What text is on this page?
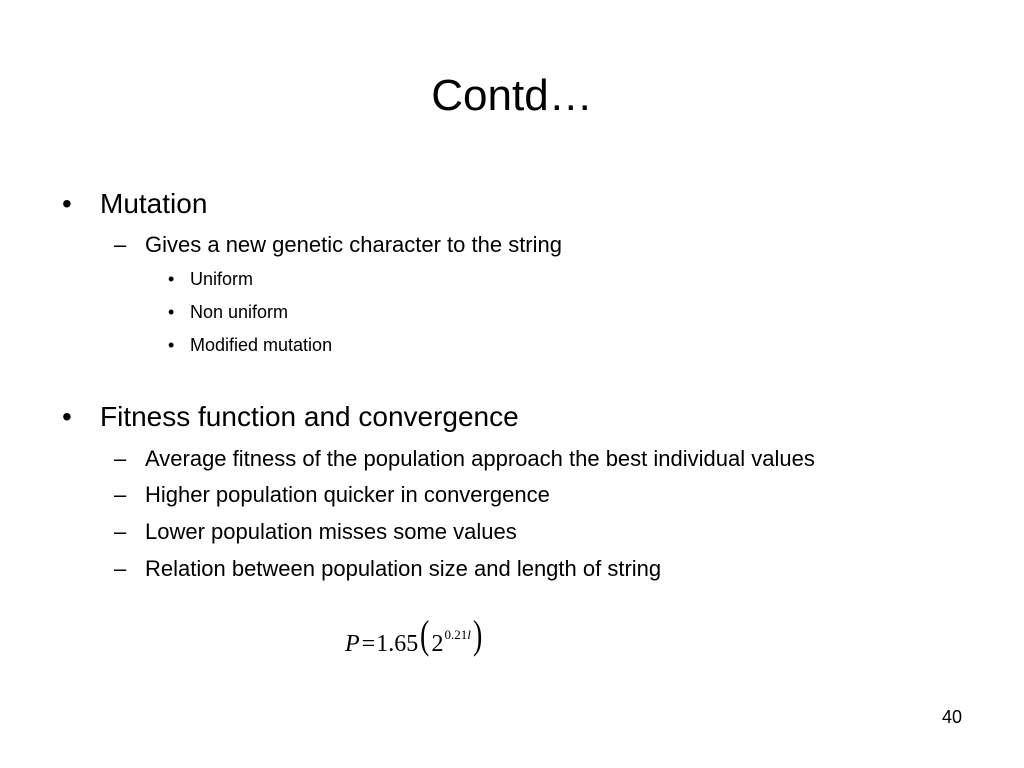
Contd…
• Mutation
– Gives a new genetic character to the string
• Uniform
• Non uniform
• Modified mutation
• Fitness function and convergence
– Average fitness of the population approach the best individual values
– Higher population quicker in convergence
– Lower population misses some values
– Relation between population size and length of string
$P=1.65(2^{0.21l})$
40
